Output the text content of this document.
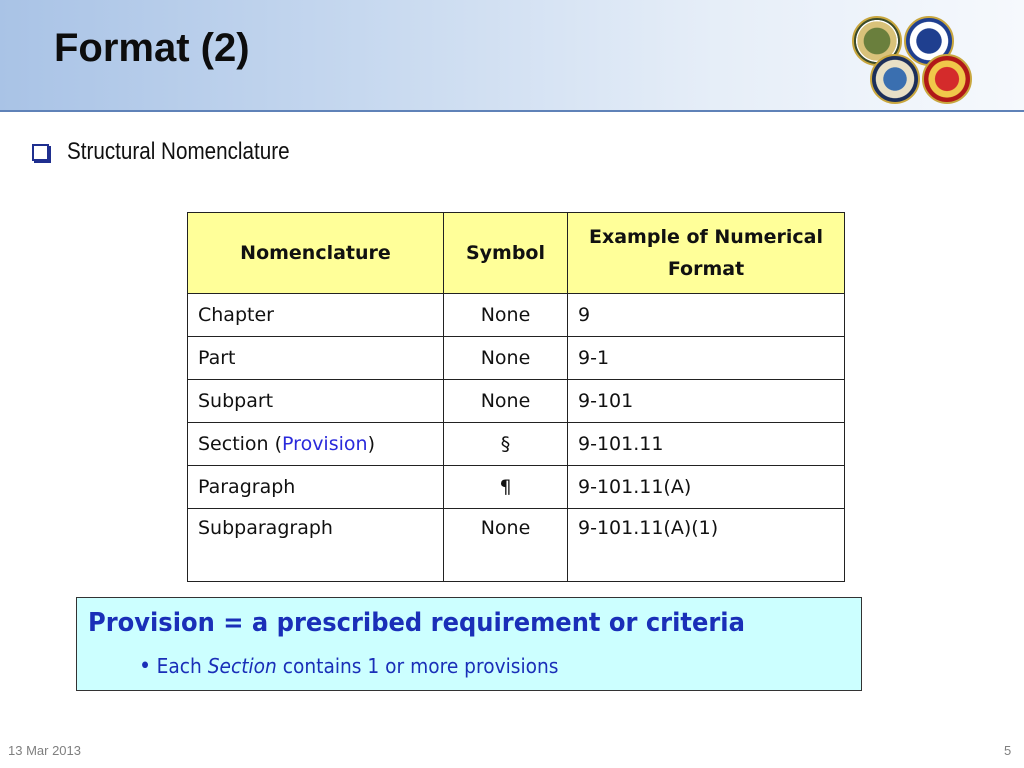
Format (2)
Structural Nomenclature
Nomenclature	Symbol	Example of Numerical Format
Chapter	None	9
Part	None	9-1
Subpart	None	9-101
Section (Provision)	§	9-101.11
Paragraph	¶	9-101.11(A)
Subparagraph	None	9-101.11(A)(1)
Provision = a prescribed requirement or criteria
• Each Section contains 1 or more provisions
13 Mar 2013	5
